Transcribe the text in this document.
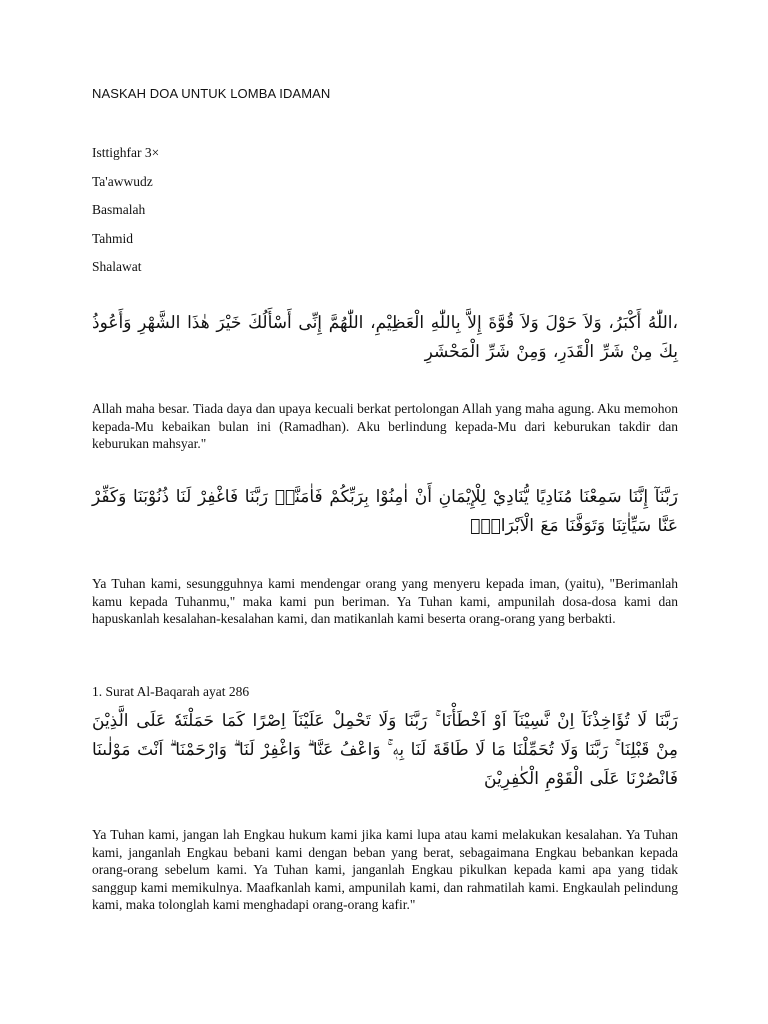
NASKAH DOA UNTUK LOMBA IDAMAN
Isttighfar 3×
Ta'awwudz
Basmalah
Tahmid
Shalawat
،اللّٰهُ أَكْبَرُ، وَلاَ حَوْلَ وَلاَ قُوَّةَ إِلاَّ بِاللّٰهِ الْعَظِيْمِ، اللّٰهُمَّ إِنِّى أَسْأَلُكَ خَيْرَ هٰذَا الشَّهْرِ وَأَعُوذُ بِكَ مِنْ شَرِّ الْقَدَرِ، وَمِنْ شَرِّ الْمَحْشَرِ
Allah maha besar. Tiada daya dan upaya kecuali berkat pertolongan Allah yang maha agung. Aku memohon kepada-Mu kebaikan bulan ini (Ramadhan). Aku berlindung kepada-Mu dari keburukan takdir dan keburukan mahsyar."
رَبَّنَآ إِنَّنَا سَمِعْنَا مُنَادِيًا يُّنَادِيْ لِلْإِيْمَانِ أَنْ اٰمِنُوْا بِرَبِّكُمْ فَاٰمَنَّاۖ رَبَّنَا فَاغْفِرْ لَنَا ذُنُوْبَنَا وَكَفِّرْ عَنَّا سَيِّاٰتِنَا وَتَوَفَّنَا مَعَ الْاَبْرَارِۚ
Ya Tuhan kami, sesungguhnya kami mendengar orang yang menyeru kepada iman, (yaitu), "Berimanlah kamu kepada Tuhanmu," maka kami pun beriman. Ya Tuhan kami, ampunilah dosa-dosa kami dan hapuskanlah kesalahan-kesalahan kami, dan matikanlah kami beserta orang-orang yang berbakti.
1. Surat Al-Baqarah ayat 286
رَبَّنَا لَا تُؤَاخِذْنَآ اِنْ نَّسِيْنَآ اَوْ اَخْطَأْنَا ۚ رَبَّنَا وَلَا تَحْمِلْ عَلَيْنَآ اِصْرًا كَمَا حَمَلْتَهٗ عَلَى الَّذِيْنَ مِنْ قَبْلِنَا ۚ رَبَّنَا وَلَا تُحَمِّلْنَا مَا لَا طَاقَةَ لَنَا بِهٖ ۚ وَاعْفُ عَنَّا ۗ وَاغْفِرْ لَنَا ۗ وَارْحَمْنَا ۗ اَنْتَ مَوْلٰىنَا فَانْصُرْنَا عَلَى الْقَوْمِ الْكٰفِرِيْنَ
Ya Tuhan kami, jangan lah Engkau hukum kami jika kami lupa atau kami melakukan kesalahan. Ya Tuhan kami, janganlah Engkau bebani kami dengan beban yang berat, sebagaimana Engkau bebankan kepada orang-orang sebelum kami. Ya Tuhan kami, janganlah Engkau pikulkan kepada kami apa yang tidak sanggup kami memikulnya. Maafkanlah kami, ampunilah kami, dan rahmatilah kami. Engkaulah pelindung kami, maka tolonglah kami menghadapi orang-orang kafir."
